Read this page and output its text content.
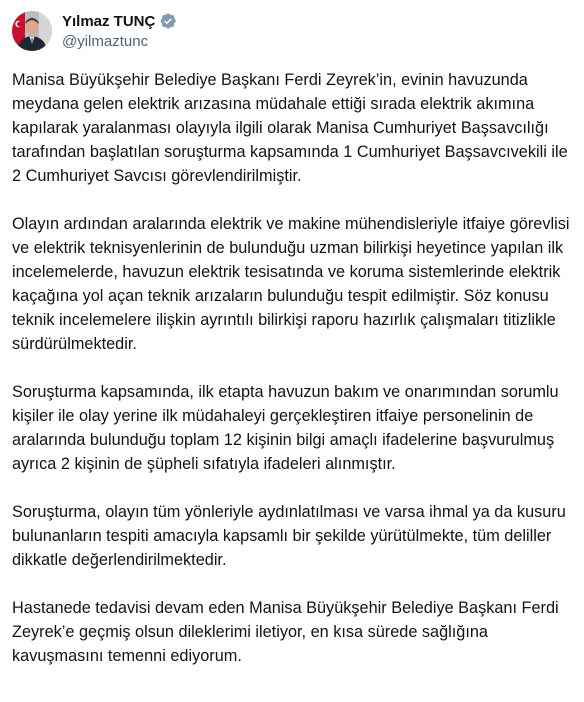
Yılmaz TUNÇ
@yilmaztunc

Manisa Büyükşehir Belediye Başkanı Ferdi Zeyrek’in, evinin havuzunda meydana gelen elektrik arızasına müdahale ettiği sırada elektrik akımına kapılarak yaralanması olayıyla ilgili olarak Manisa Cumhuriyet Başsavcılığı tarafından başlatılan soruşturma kapsamında 1 Cumhuriyet Başsavcıvekili ile 2 Cumhuriyet Savcısı görevlendirilmiştir.

Olayın ardından aralarında elektrik ve makine mühendisleriyle itfaiye görevlisi ve elektrik teknisyenlerinin de bulunduğu uzman bilirkişi heyetince yapılan ilk incelemelerde, havuzun elektrik tesisatında ve koruma sistemlerinde elektrik kaçağına yol açan teknik arızaların bulunduğu tespit edilmiştir. Söz konusu teknik incelemelere ilişkin ayrıntılı bilirkişi raporu hazırlık çalışmaları titizlikle sürdürülmektedir.

Soruşturma kapsamında, ilk etapta havuzun bakım ve onarımından sorumlu kişiler ile olay yerine ilk müdahaleyi gerçekleştiren itfaiye personelinin de aralarında bulunduğu toplam 12 kişinin bilgi amaçlı ifadelerine başvurulmuş ayrıca 2 kişinin de şüpheli sıfatıyla ifadeleri alınmıştır.

Soruşturma, olayın tüm yönleriyle aydınlatılması ve varsa ihmal ya da kusuru bulunanların tespiti amacıyla kapsamlı bir şekilde yürütülmekte, tüm deliller dikkatle değerlendirilmektedir.

Hastanede tedavisi devam eden Manisa Büyükşehir Belediye Başkanı Ferdi Zeyrek’e geçmiş olsun dileklerimi iletiyor, en kısa sürede sağlığına kavuşmasını temenni ediyorum.
